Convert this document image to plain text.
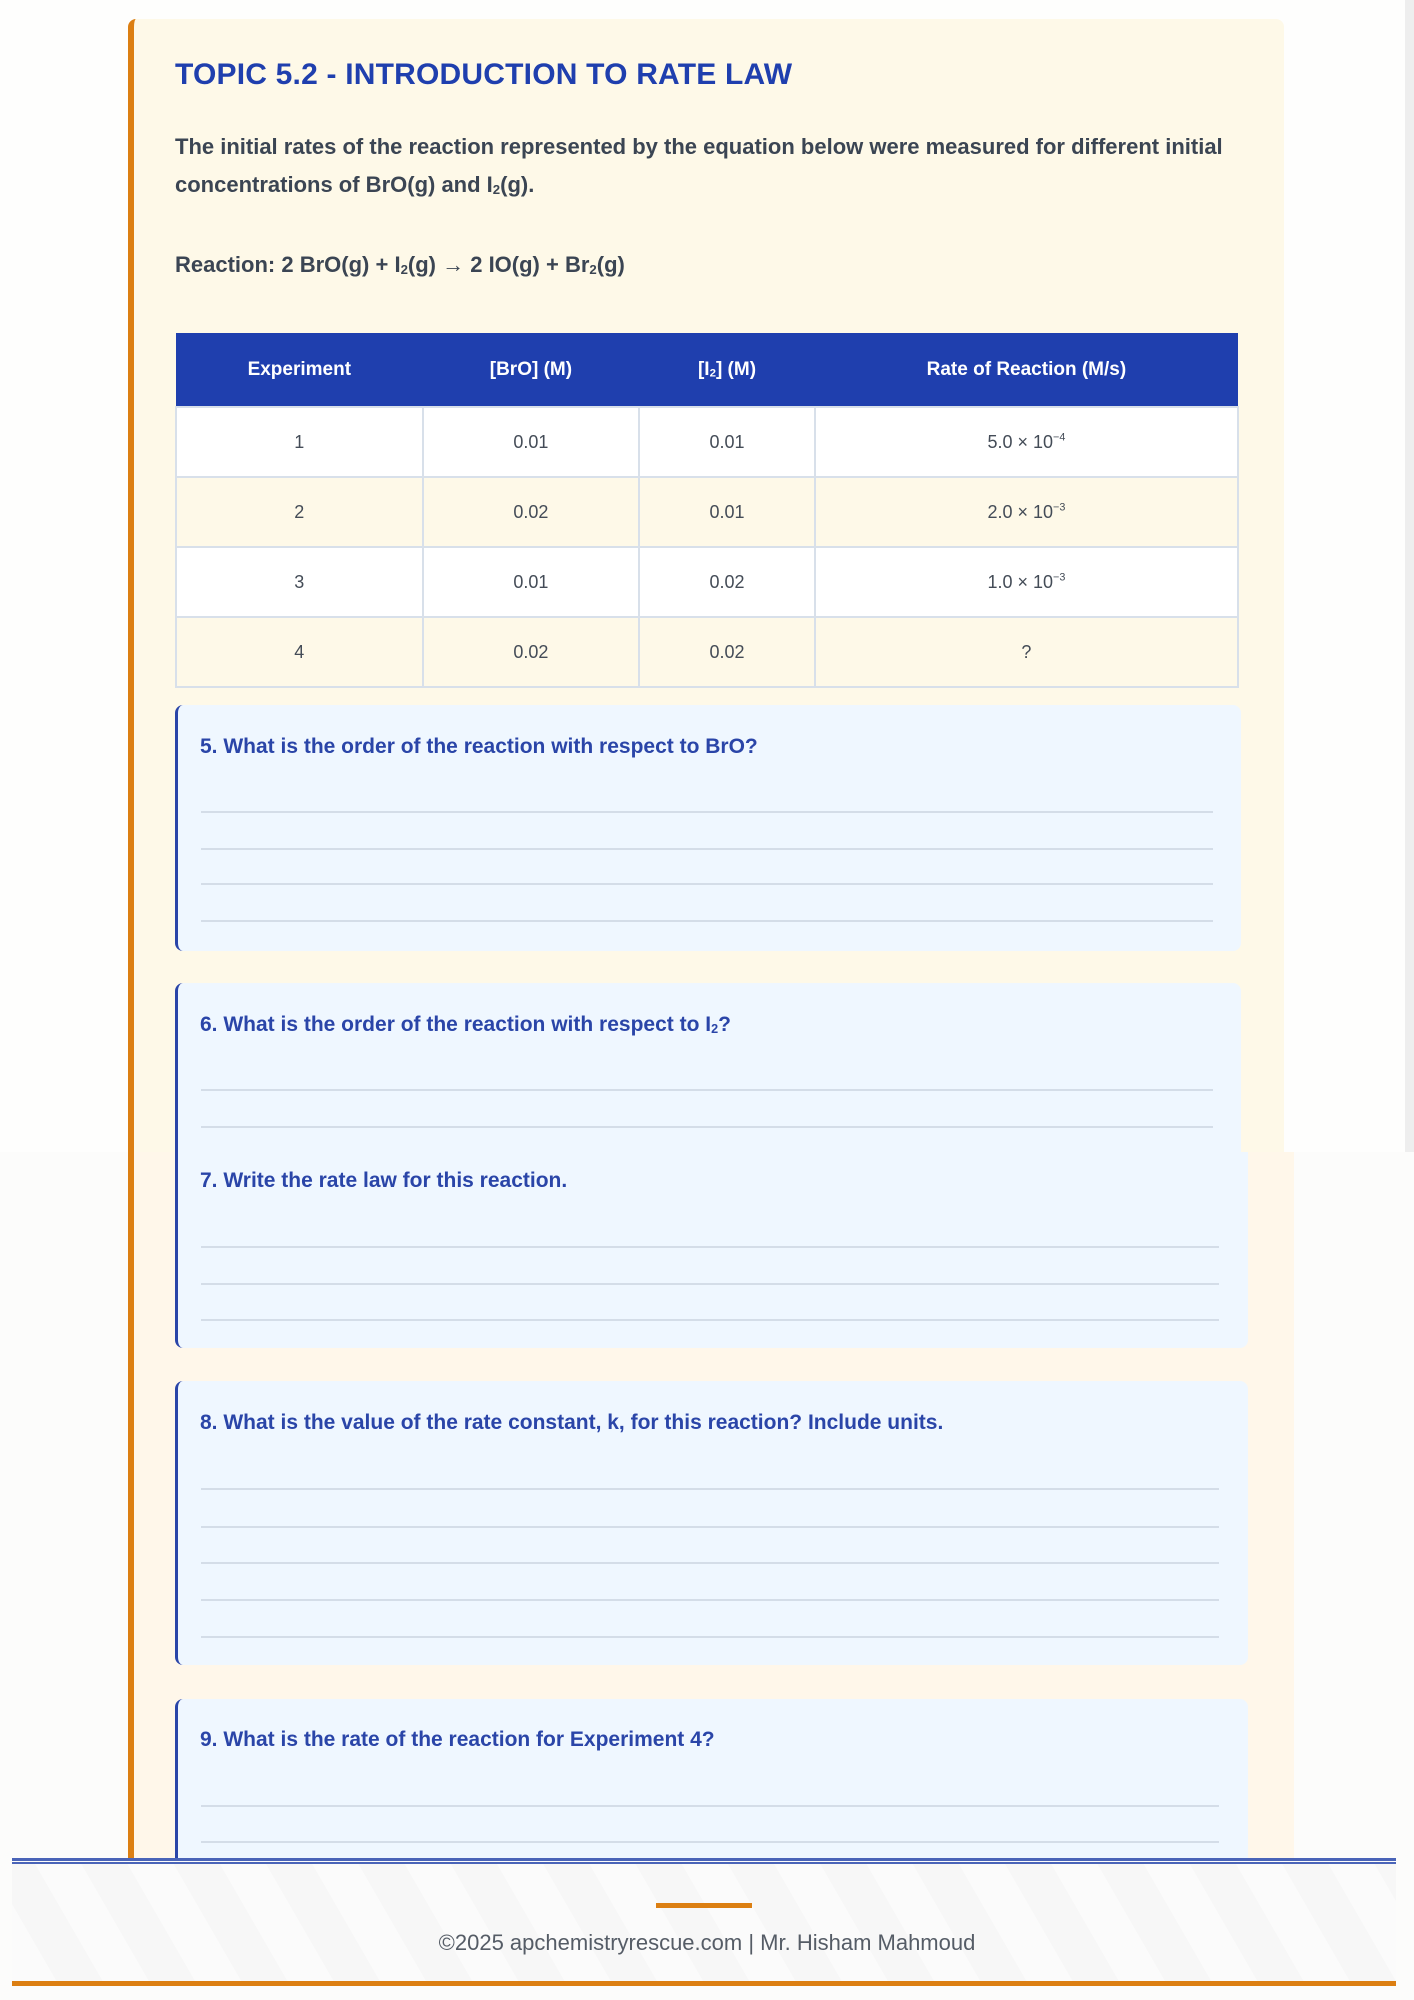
TOPIC 5.2 - INTRODUCTION TO RATE LAW

The initial rates of the reaction represented by the equation below were measured for different initial concentrations of BrO(g) and $I_2(g)$.

Reaction: 2 $BrO(g) + I_2(g) \to 2$ $IO(g) + Br_2(g)$

Experiment	[BrO] (M)	$[I_2]$ (M)	Rate of Reaction (M/s)
1	0.01	0.01	$5.0 \times 10^{-4}$
2	0.02	0.01	$2.0 \times 10^{-3}$
3	0.01	0.02	$1.0 \times 10^{-3}$
4	0.02	0.02	?
5. What is the order of the reaction with respect to BrO?
6. What is the order of the reaction with respect to $I_2$?
7. Write the rate law for this reaction.
8. What is the value of the rate constant, k, for this reaction? Include units.
9. What is the rate of the reaction for Experiment 4?
©2025 apchemistryrescue.com | Mr. Hisham Mahmoud
